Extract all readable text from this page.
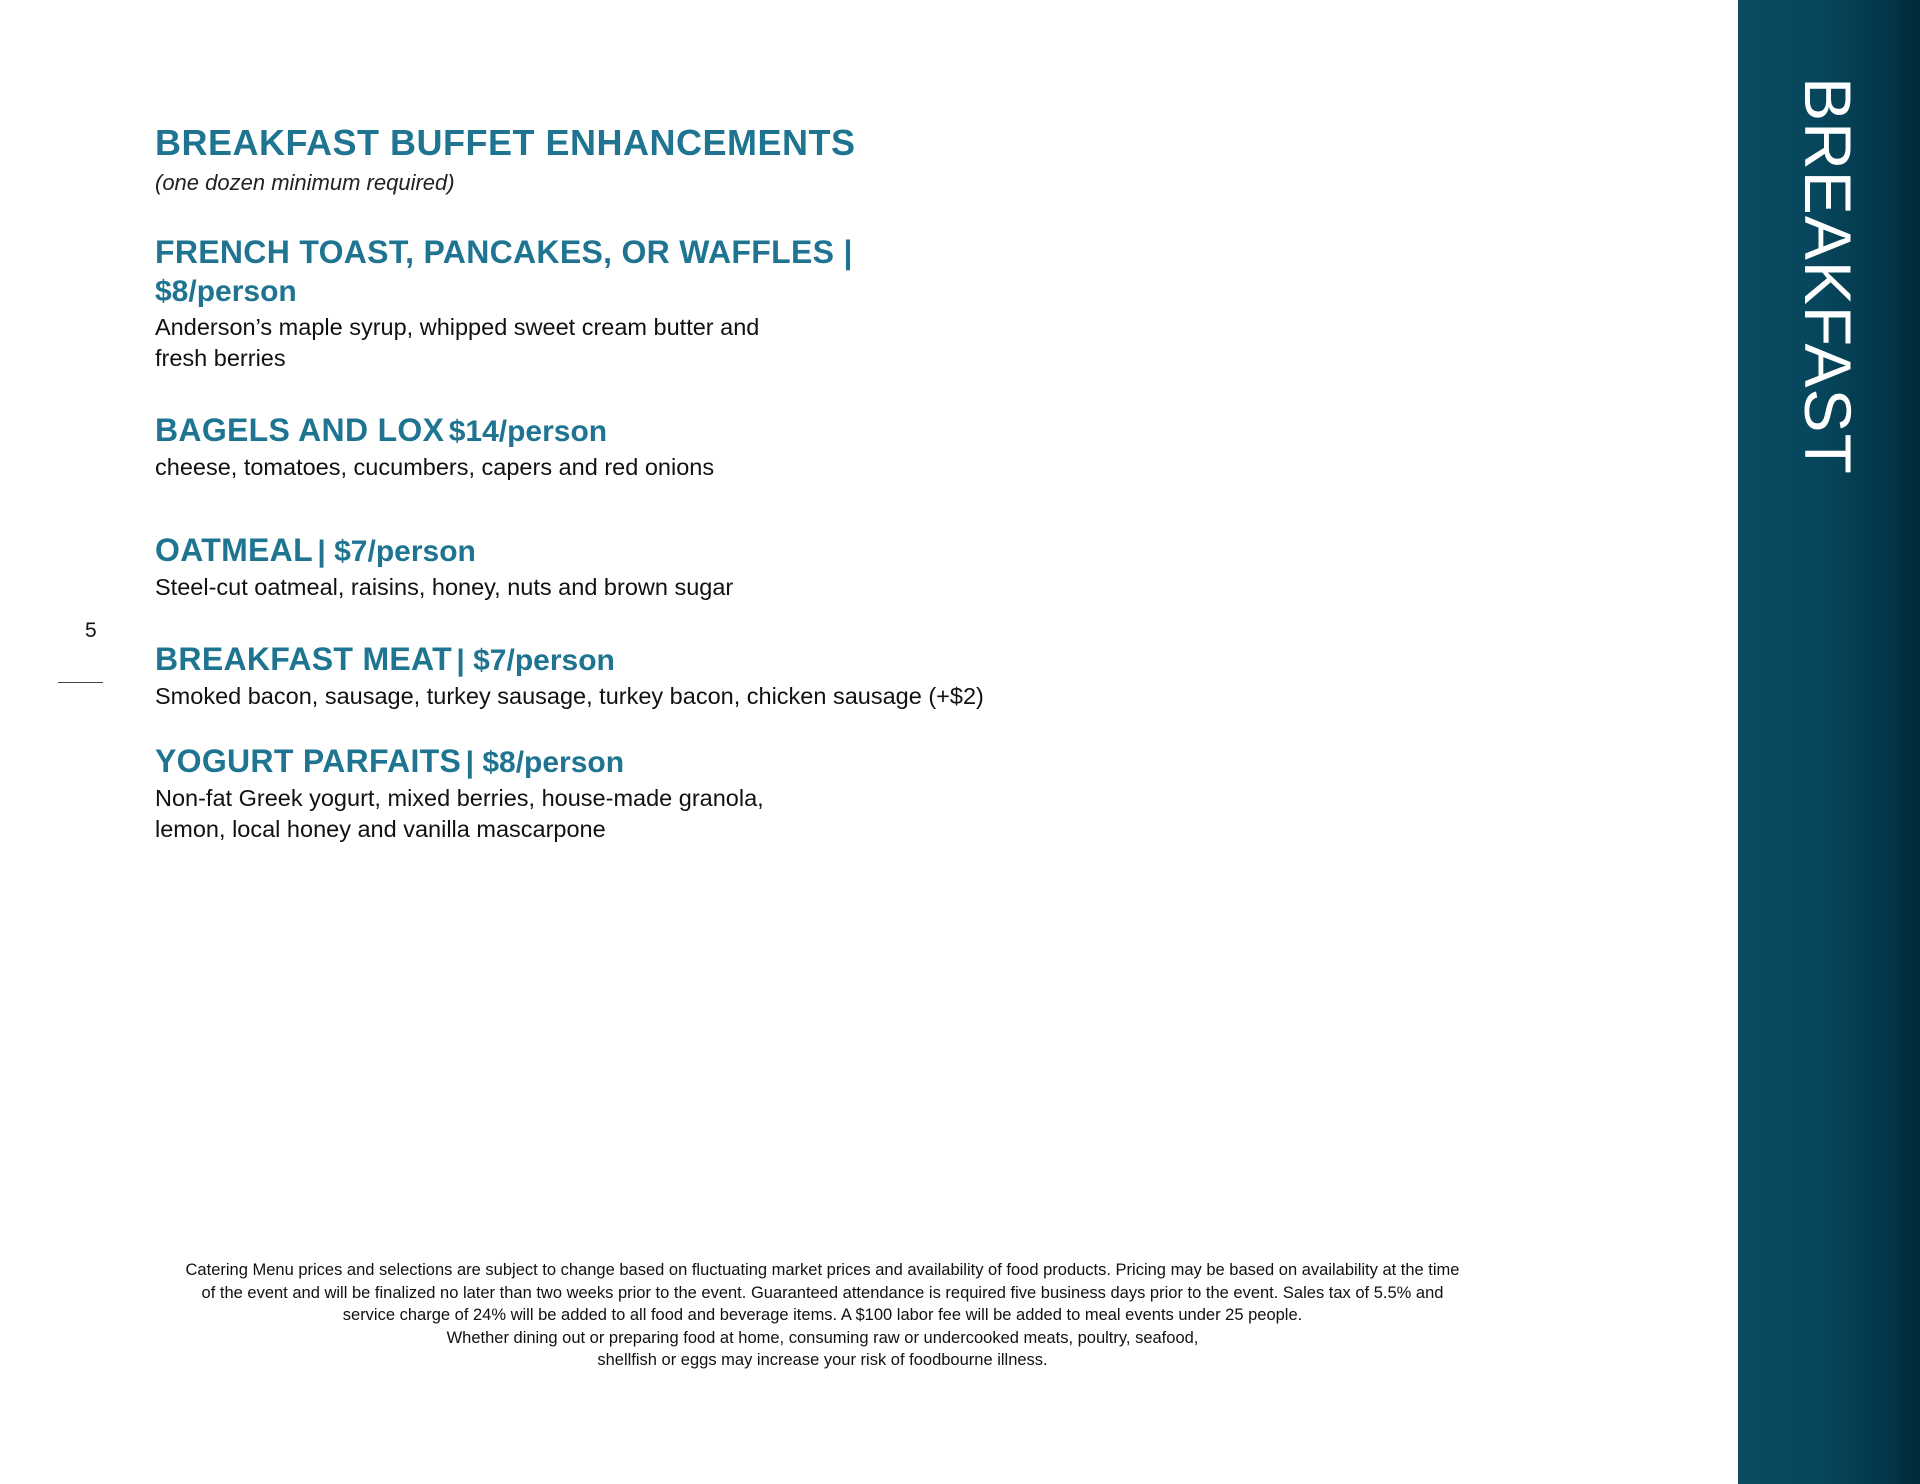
BREAKFAST BUFFET ENHANCEMENTS

(one dozen minimum required)

FRENCH TOAST, PANCAKES, OR WAFFLES |
$8/person
Anderson’s maple syrup, whipped sweet cream butter and
fresh berries
BAGELS AND LOX $14/person
cheese, tomatoes, cucumbers, capers and red onions
OATMEAL | $7/person
Steel-cut oatmeal, raisins, honey, nuts and brown sugar
BREAKFAST MEAT | $7/person
Smoked bacon, sausage, turkey sausage, turkey bacon, chicken sausage (+$2)
YOGURT PARFAITS | $8/person
Non-fat Greek yogurt, mixed berries, house-made granola,
lemon, local honey and vanilla mascarpone
5

Catering Menu prices and selections are subject to change based on fluctuating market prices and availability of food products. Pricing may be based on availability at the time of the event and will be finalized no later than two weeks prior to the event. Guaranteed attendance is required five business days prior to the event. Sales tax of 5.5% and service charge of 24% will be added to all food and beverage items. A $100 labor fee will be added to meal events under 25 people.

Whether dining out or preparing food at home, consuming raw or undercooked meats, poultry, seafood,

shellfish or eggs may increase your risk of foodbourne illness.

BREAKFAST
